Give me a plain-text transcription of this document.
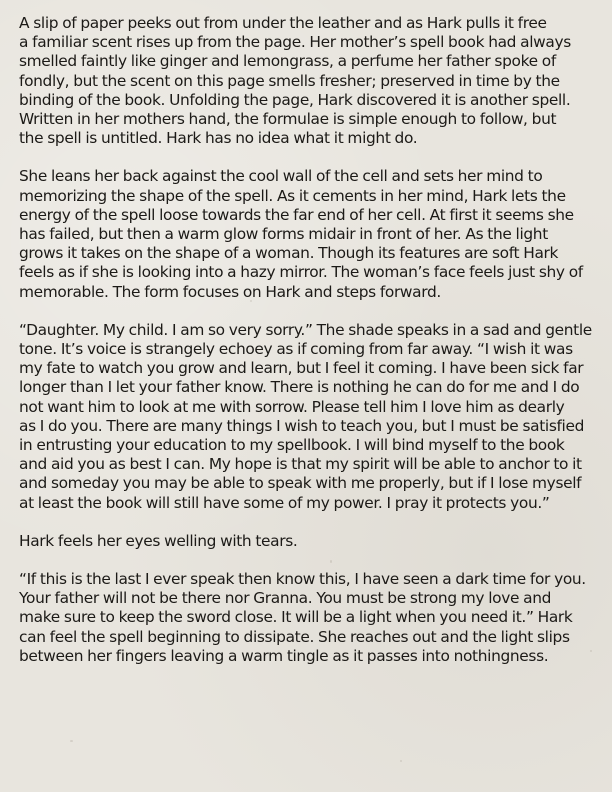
A slip of paper peeks out from under the leather and as Hark pulls it free
a familiar scent rises up from the page. Her mother’s spell book had always
smelled faintly like ginger and lemongrass, a perfume her father spoke of
fondly, but the scent on this page smells fresher; preserved in time by the
binding of the book. Unfolding the page, Hark discovered it is another spell.
Written in her mothers hand, the formulae is simple enough to follow, but
the spell is untitled. Hark has no idea what it might do.

She leans her back against the cool wall of the cell and sets her mind to
memorizing the shape of the spell. As it cements in her mind, Hark lets the
energy of the spell loose towards the far end of her cell. At first it seems she
has failed, but then a warm glow forms midair in front of her. As the light
grows it takes on the shape of a woman. Though its features are soft Hark
feels as if she is looking into a hazy mirror. The woman’s face feels just shy of
memorable. The form focuses on Hark and steps forward.

“Daughter. My child. I am so very sorry.” The shade speaks in a sad and gentle
tone. It’s voice is strangely echoey as if coming from far away. “I wish it was
my fate to watch you grow and learn, but I feel it coming. I have been sick far
longer than I let your father know. There is nothing he can do for me and I do
not want him to look at me with sorrow. Please tell him I love him as dearly
as I do you. There are many things I wish to teach you, but I must be satisfied
in entrusting your education to my spellbook. I will bind myself to the book
and aid you as best I can. My hope is that my spirit will be able to anchor to it
and someday you may be able to speak with me properly, but if I lose myself
at least the book will still have some of my power. I pray it protects you.”

Hark feels her eyes welling with tears.

“If this is the last I ever speak then know this, I have seen a dark time for you.
Your father will not be there nor Granna. You must be strong my love and
make sure to keep the sword close. It will be a light when you need it.” Hark
can feel the spell beginning to dissipate. She reaches out and the light slips
between her fingers leaving a warm tingle as it passes into nothingness.
